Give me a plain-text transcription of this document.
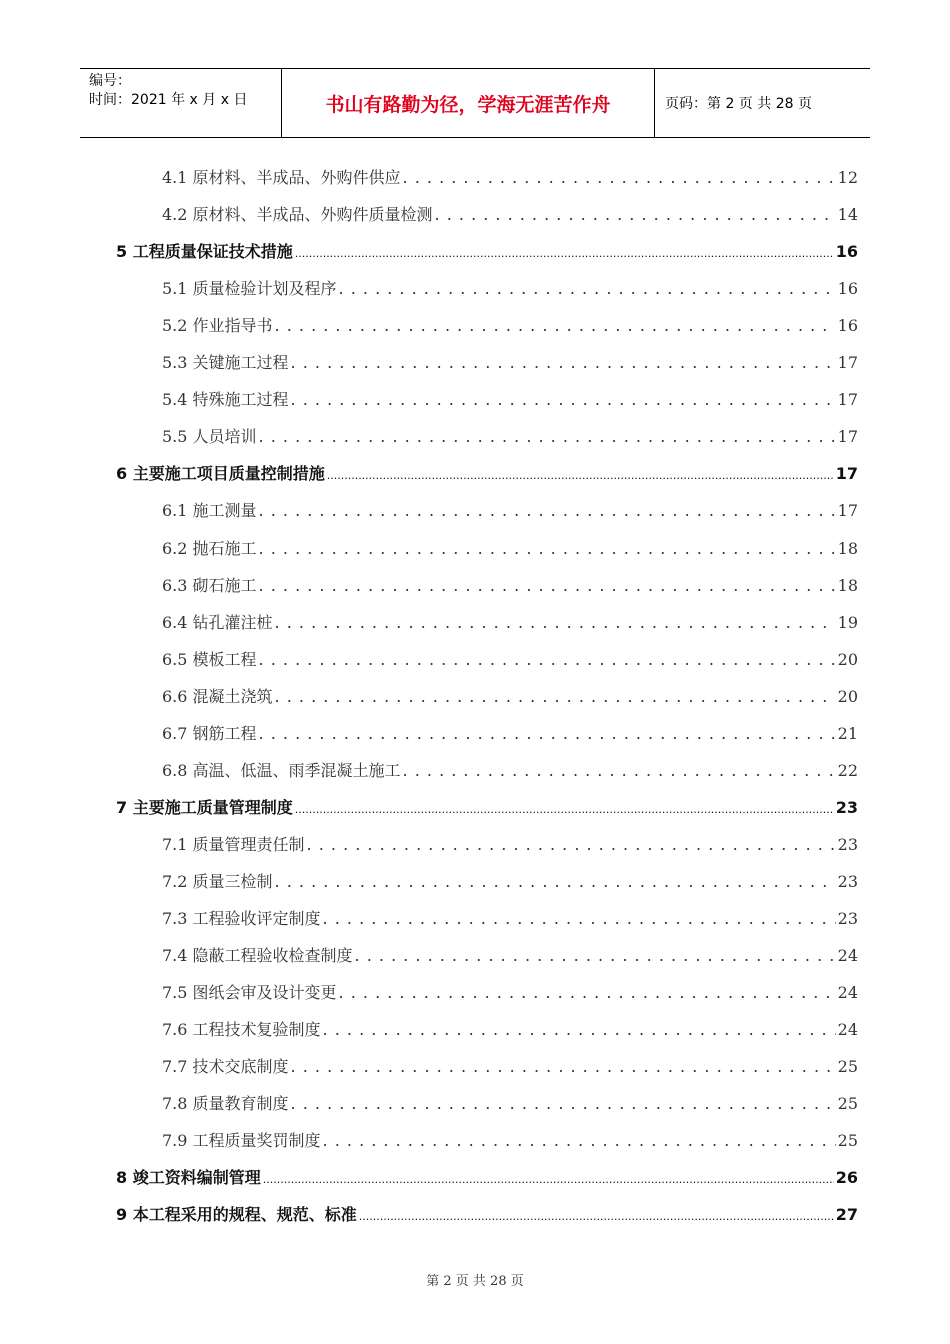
编号：
时间：2021 年 x 月 x 日	书山有路勤为径，学海无涯苦作舟	页码：第 2 页 共 28 页
4.1 原材料、半成品、外购件供应 . . .	12
4.2 原材料、半成品、外购件质量检测 . . .	14
5 工程质量保证技术措施 .....	16
5.1 质量检验计划及程序 . . .	16
5.2 作业指导书 . . .	16
5.3 关键施工过程 . . .	17
5.4 特殊施工过程 . . .	17
5.5 人员培训 . . .	17
6 主要施工项目质量控制措施 .....	17
6.1 施工测量 . . .	17
6.2 抛石施工 . . .	18
6.3 砌石施工 . . .	18
6.4 钻孔灌注桩 . . .	19
6.5 模板工程 . . .	20
6.6 混凝土浇筑 . . .	20
6.7 钢筋工程 . . .	21
6.8 高温、低温、雨季混凝土施工 . . .	22
7 主要施工质量管理制度 .....	23
7.1 质量管理责任制 . . .	23
7.2 质量三检制 . . .	23
7.3 工程验收评定制度 . . .	23
7.4 隐蔽工程验收检查制度 . . .	24
7.5 图纸会审及设计变更 . . .	24
7.6 工程技术复验制度 . . .	24
7.7 技术交底制度 . . .	25
7.8 质量教育制度 . . .	25
7.9 工程质量奖罚制度 . . .	25
8 竣工资料编制管理 .....	26
9 本工程采用的规程、规范、标准 .....	27
第 2 页 共 28 页
